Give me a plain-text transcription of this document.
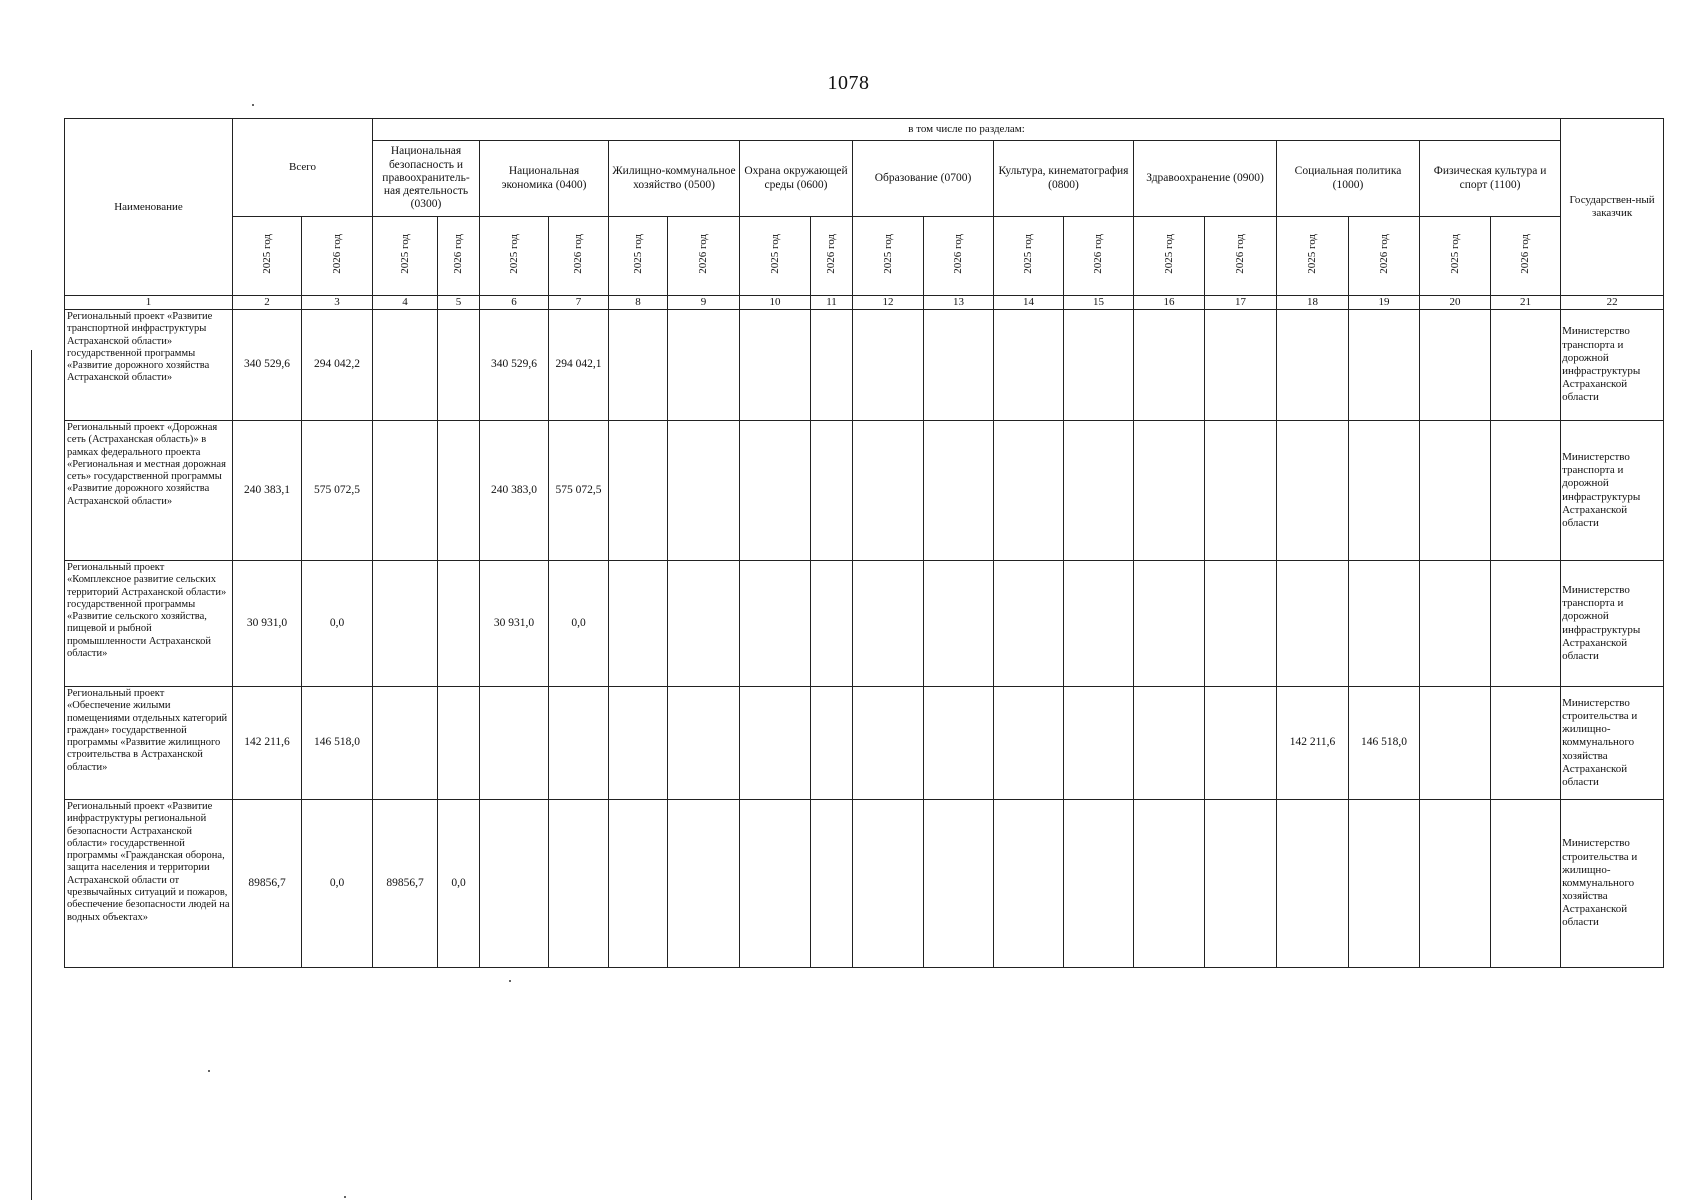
1078
Наименование	Всего		в том числе по разделам:																		Государствен-ный заказчик
			Национальная безопасность и правоохранитель-ная деятельность (0300)		Национальная экономика (0400)		Жилищно-коммунальное хозяйство (0500)		Охрана окружающей среды (0600)		Образование (0700)		Культура, кинематография (0800)		Здравоохранение (0900)		Социальная политика (1000)		Физическая культура и спорт (1100)		
	2025 год	2026 год	2025 год	2026 год	2025 год	2026 год	2025 год	2026 год	2025 год	2026 год	2025 год	2026 год	2025 год	2026 год	2025 год	2026 год	2025 год	2026 год	2025 год	2026 год	
1	2	3	4	5	6	7	8	9	10	11	12	13	14	15	16	17	18	19	20	21	22
Региональный проект «Развитие транспортной инфраструктуры Астраханской области» государственной программы «Развитие дорожного хозяйства Астраханской области»	340 529,6	294 042,2			340 529,6	294 042,1															Министерство транспорта и дорожной инфраструктуры Астраханской области
Региональный проект «Дорожная сеть (Астраханская область)» в рамках федерального проекта «Региональная и местная дорожная сеть» государственной программы «Развитие дорожного хозяйства Астраханской области»	240 383,1	575 072,5			240 383,0	575 072,5															Министерство транспорта и дорожной инфраструктуры Астраханской области
Региональный проект «Комплексное развитие сельских территорий Астраханской области» государственной программы «Развитие сельского хозяйства, пищевой и рыбной промышленности Астраханской области»	30 931,0	0,0			30 931,0	0,0															Министерство транспорта и дорожной инфраструктуры Астраханской области
Региональный проект «Обеспечение жилыми помещениями отдельных категорий граждан» государственной программы «Развитие жилищного строительства в Астраханской области»	142 211,6	146 518,0															142 211,6	146 518,0			Министерство строительства и жилищно-коммунального хозяйства Астраханской области
Региональный проект «Развитие инфраструктуры региональной безопасности Астраханской области» государственной программы «Гражданская оборона, защита населения и территории Астраханской области от чрезвычайных ситуаций и пожаров, обеспечение безопасности людей на водных объектах»	89856,7	0,0	89856,7	0,0																	Министерство строительства и жилищно-коммунального хозяйства Астраханской области
